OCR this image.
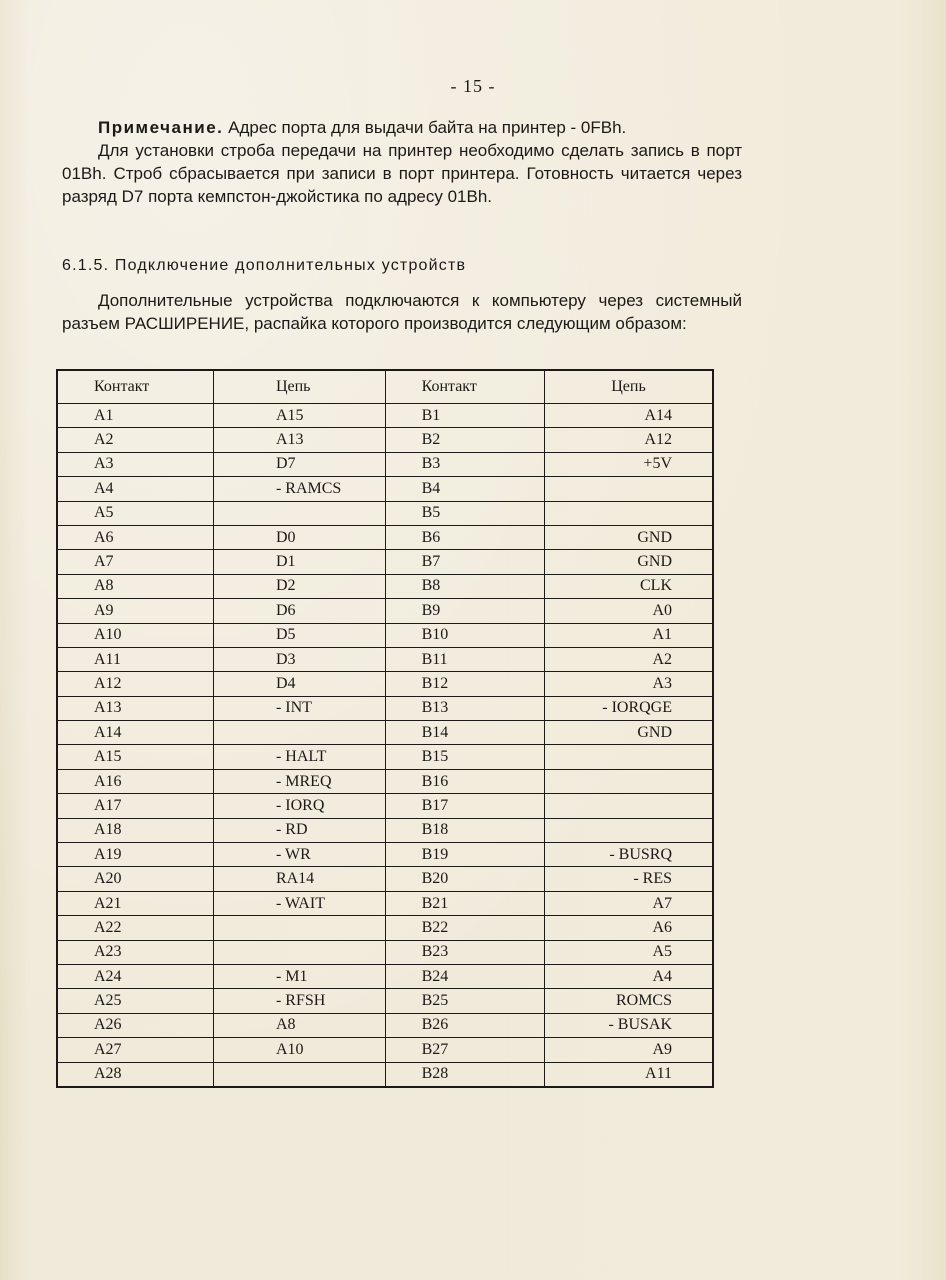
- 15 -
Примечание. Адрес порта для выдачи байта на принтер - 0FBh.
Для установки строба передачи на принтер необходимо сделать запись в порт 01Bh. Строб сбрасывается при записи в порт принтера. Готовность читается через разряд D7 порта кемпстон-джойстика по адресу 01Bh.
6.1.5. Подключение дополнительных устройств
Дополнительные устройства подключаются к компьютеру через системный разъем РАСШИРЕНИЕ, распайка которого производится следующим образом:
Контакт	Цепь	Контакт	Цепь
A1	A15	B1	A14
A2	A13	B2	A12
A3	D7	B3	+5V
A4	- RAMCS	B4	
A5		B5	
A6	D0	B6	GND
A7	D1	B7	GND
A8	D2	B8	CLK
A9	D6	B9	A0
A10	D5	B10	A1
A11	D3	B11	A2
A12	D4	B12	A3
A13	- INT	B13	- IORQGE
A14		B14	GND
A15	- HALT	B15	
A16	- MREQ	B16	
A17	- IORQ	B17	
A18	- RD	B18	
A19	- WR	B19	- BUSRQ
A20	RA14	B20	- RES
A21	- WAIT	B21	A7
A22		B22	A6
A23		B23	A5
A24	- M1	B24	A4
A25	- RFSH	B25	ROMCS
A26	A8	B26	- BUSAK
A27	A10	B27	A9
A28		B28	A11
